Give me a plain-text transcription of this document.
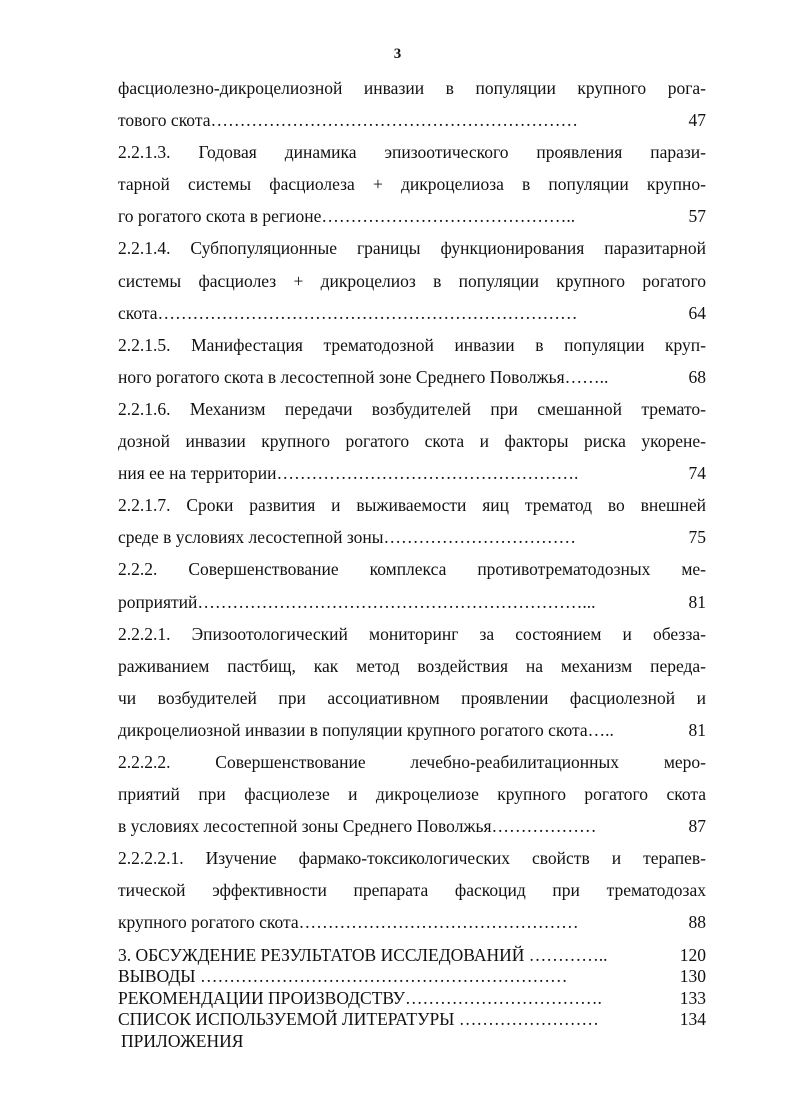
3
фасциолезно-дикроцелиозной инвазии в популяции крупного рога-
тового скота………………………………………………………	47
2.2.1.3. Годовая динамика эпизоотического проявления парази-
тарной системы фасциолеза + дикроцелиоза в популяции крупно-
го рогатого скота в регионе……………………………………..	57
2.2.1.4. Субпопуляционные границы функционирования паразитарной
системы фасциолез + дикроцелиоз в популяции крупного рогатого
скота………………………………………………………………	64
2.2.1.5. Манифестация трематодозной инвазии в популяции круп-
ного рогатого скота в лесостепной зоне Среднего Поволжья……..	68
2.2.1.6. Механизм передачи возбудителей при смешанной тремато-
дозной инвазии крупного рогатого скота и факторы риска укорене-
ния ее на территории…………………………………………….	74
2.2.1.7. Сроки развития и выживаемости яиц трематод во внешней
среде в условиях лесостепной зоны……………………………	75
2.2.2. Совершенствование комплекса противотрематодозных ме-
роприятий…………………………………………………………...	81
2.2.2.1. Эпизоотологический мониторинг за состоянием и обезза-
раживанием пастбищ, как метод воздействия на механизм переда-
чи возбудителей при ассоциативном проявлении фасциолезной и
дикроцелиозной инвазии в популяции крупного рогатого скота…..	81
2.2.2.2. Совершенствование лечебно-реабилитационных меро-
приятий при фасциолезе и дикроцелиозе крупного рогатого скота
в условиях лесостепной зоны Среднего Поволжья………………	87
2.2.2.2.1. Изучение фармако-токсикологических свойств и терапев-
тической эффективности препарата фаскоцид при трематодозах
крупного рогатого скота…………………………………………	88
3. ОБСУЖДЕНИЕ РЕЗУЛЬТАТОВ ИССЛЕДОВАНИЙ …………..	120
ВЫВОДЫ ………………………………………………………	130
РЕКОМЕНДАЦИИ ПРОИЗВОДСТВУ…………………………….	133
СПИСОК ИСПОЛЬЗУЕМОЙ ЛИТЕРАТУРЫ ……………………	134
ПРИЛОЖЕНИЯ
